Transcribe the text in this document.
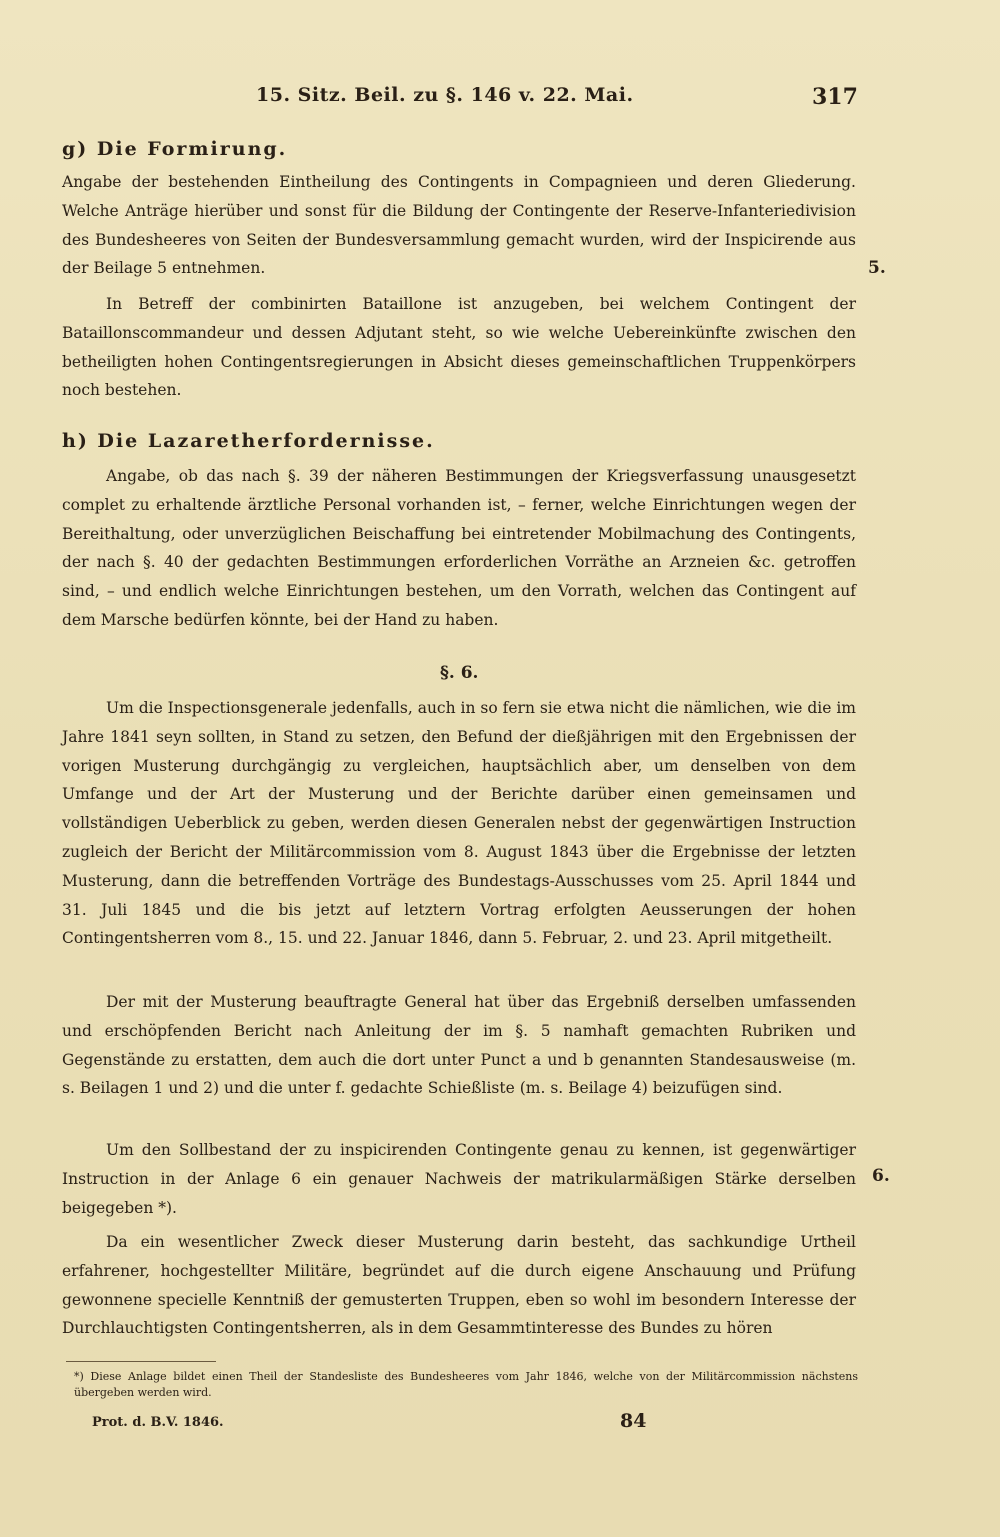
15. Sitz. Beil. zu §. 146 v. 22. Mai.	317
g) Die Formirung.

Angabe der bestehenden Eintheilung des Contingents in Compagnieen und deren Gliederung. Welche Anträge hierüber und sonst für die Bildung der Contingente der Reserve-Infanteriedivision des Bundesheeres von Seiten der Bundesversammlung gemacht wurden, wird der Inspicirende aus der Beilage 5 entnehmen.	5.

In Betreff der combinirten Bataillone ist anzugeben, bei welchem Contingent der Bataillonscommandeur und dessen Adjutant steht, so wie welche Uebereinkünfte zwischen den betheiligten hohen Contingentsregierungen in Absicht dieses gemeinschaftlichen Truppenkörpers noch bestehen.

h) Die Lazaretherfordernisse.

Angabe, ob das nach §. 39 der näheren Bestimmungen der Kriegsverfassung unausgesetzt complet zu erhaltende ärztliche Personal vorhanden ist, – ferner, welche Einrichtungen wegen der Bereithaltung, oder unverzüglichen Beischaffung bei eintretender Mobilmachung des Contingents, der nach §. 40 der gedachten Bestimmungen erforderlichen Vorräthe an Arzneien &c. getroffen sind, – und endlich welche Einrichtungen bestehen, um den Vorrath, welchen das Contingent auf dem Marsche bedürfen könnte, bei der Hand zu haben.

§. 6.

Um die Inspectionsgenerale jedenfalls, auch in so fern sie etwa nicht die nämlichen, wie die im Jahre 1841 seyn sollten, in Stand zu setzen, den Befund der dießjährigen mit den Ergebnissen der vorigen Musterung durchgängig zu vergleichen, hauptsächlich aber, um denselben von dem Umfange und der Art der Musterung und der Berichte darüber einen gemeinsamen und vollständigen Ueberblick zu geben, werden diesen Generalen nebst der gegenwärtigen Instruction zugleich der Bericht der Militärcommission vom 8. August 1843 über die Ergebnisse der letzten Musterung, dann die betreffenden Vorträge des Bundestags-Ausschusses vom 25. April 1844 und 31. Juli 1845 und die bis jetzt auf letztern Vortrag erfolgten Aeusserungen der hohen Contingentsherren vom 8., 15. und 22. Januar 1846, dann 5. Februar, 2. und 23. April mitgetheilt.

Der mit der Musterung beauftragte General hat über das Ergebniß derselben umfassenden und erschöpfenden Bericht nach Anleitung der im §. 5 namhaft gemachten Rubriken und Gegenstände zu erstatten, dem auch die dort unter Punct a und b genannten Standesausweise (m. s. Beilagen 1 und 2) und die unter f. gedachte Schießliste (m. s. Beilage 4) beizufügen sind.

Um den Sollbestand der zu inspicirenden Contingente genau zu kennen, ist gegenwärtiger Instruction in der Anlage 6 ein genauer Nachweis der matrikularmäßigen Stärke derselben beigegeben *).

6.

Da ein wesentlicher Zweck dieser Musterung darin besteht, das sachkundige Urtheil erfahrener, hochgestellter Militäre, begründet auf die durch eigene Anschauung und Prüfung gewonnene specielle Kenntniß der gemusterten Truppen, eben so wohl im besondern Interesse der Durchlauchtigsten Contingentsherren, als in dem Gesammtinteresse des Bundes zu hören

*) Diese Anlage bildet einen Theil der Standesliste des Bundesheeres vom Jahr 1846, welche von der Militärcommission nächstens übergeben werden wird.

Prot. d. B.V. 1846.	84
